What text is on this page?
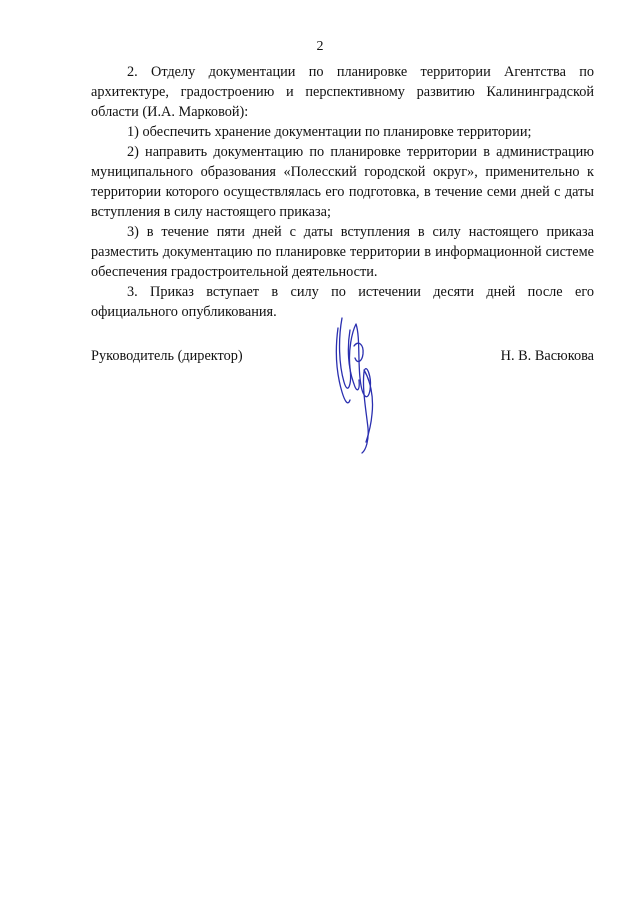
2

2. Отделу документации по планировке территории Агентства по архитектуре, градостроению и перспективному развитию Калининградской области (И.А. Марковой):

1) обеспечить хранение документации по планировке территории;

2) направить документацию по планировке территории в администрацию муниципального образования «Полесский городской округ», применительно к территории которого осуществлялась его подготовка, в течение семи дней с даты вступления в силу настоящего приказа;

3) в течение пяти дней с даты вступления в силу настоящего приказа разместить документацию по планировке территории в информационной системе обеспечения градостроительной деятельности.

3. Приказ вступает в силу по истечении десяти дней после его официального опубликования.

Руководитель (директор)	Н. В. Васюкова
